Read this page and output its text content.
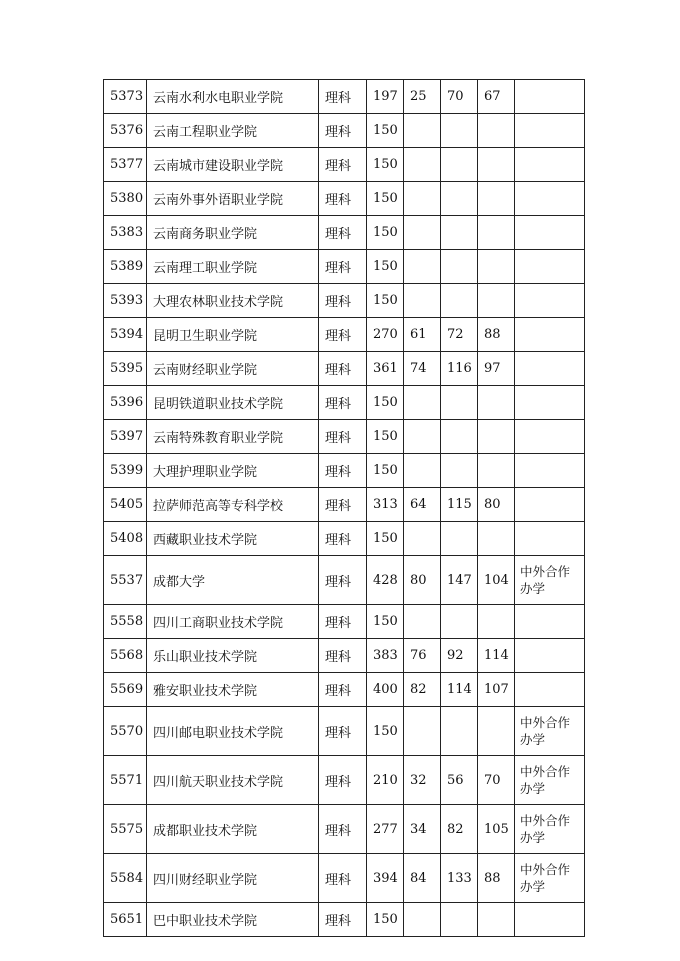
5373	云南水利水电职业学院	理科	197	25	70	67	
5376	云南工程职业学院	理科	150				
5377	云南城市建设职业学院	理科	150				
5380	云南外事外语职业学院	理科	150				
5383	云南商务职业学院	理科	150				
5389	云南理工职业学院	理科	150				
5393	大理农林职业技术学院	理科	150				
5394	昆明卫生职业学院	理科	270	61	72	88	
5395	云南财经职业学院	理科	361	74	116	97	
5396	昆明铁道职业技术学院	理科	150				
5397	云南特殊教育职业学院	理科	150				
5399	大理护理职业学院	理科	150				
5405	拉萨师范高等专科学校	理科	313	64	115	80	
5408	西藏职业技术学院	理科	150				
5537	成都大学	理科	428	80	147	104	中外合作办学
5558	四川工商职业技术学院	理科	150				
5568	乐山职业技术学院	理科	383	76	92	114	
5569	雅安职业技术学院	理科	400	82	114	107	
5570	四川邮电职业技术学院	理科	150				中外合作办学
5571	四川航天职业技术学院	理科	210	32	56	70	中外合作办学
5575	成都职业技术学院	理科	277	34	82	105	中外合作办学
5584	四川财经职业学院	理科	394	84	133	88	中外合作办学
5651	巴中职业技术学院	理科	150				
